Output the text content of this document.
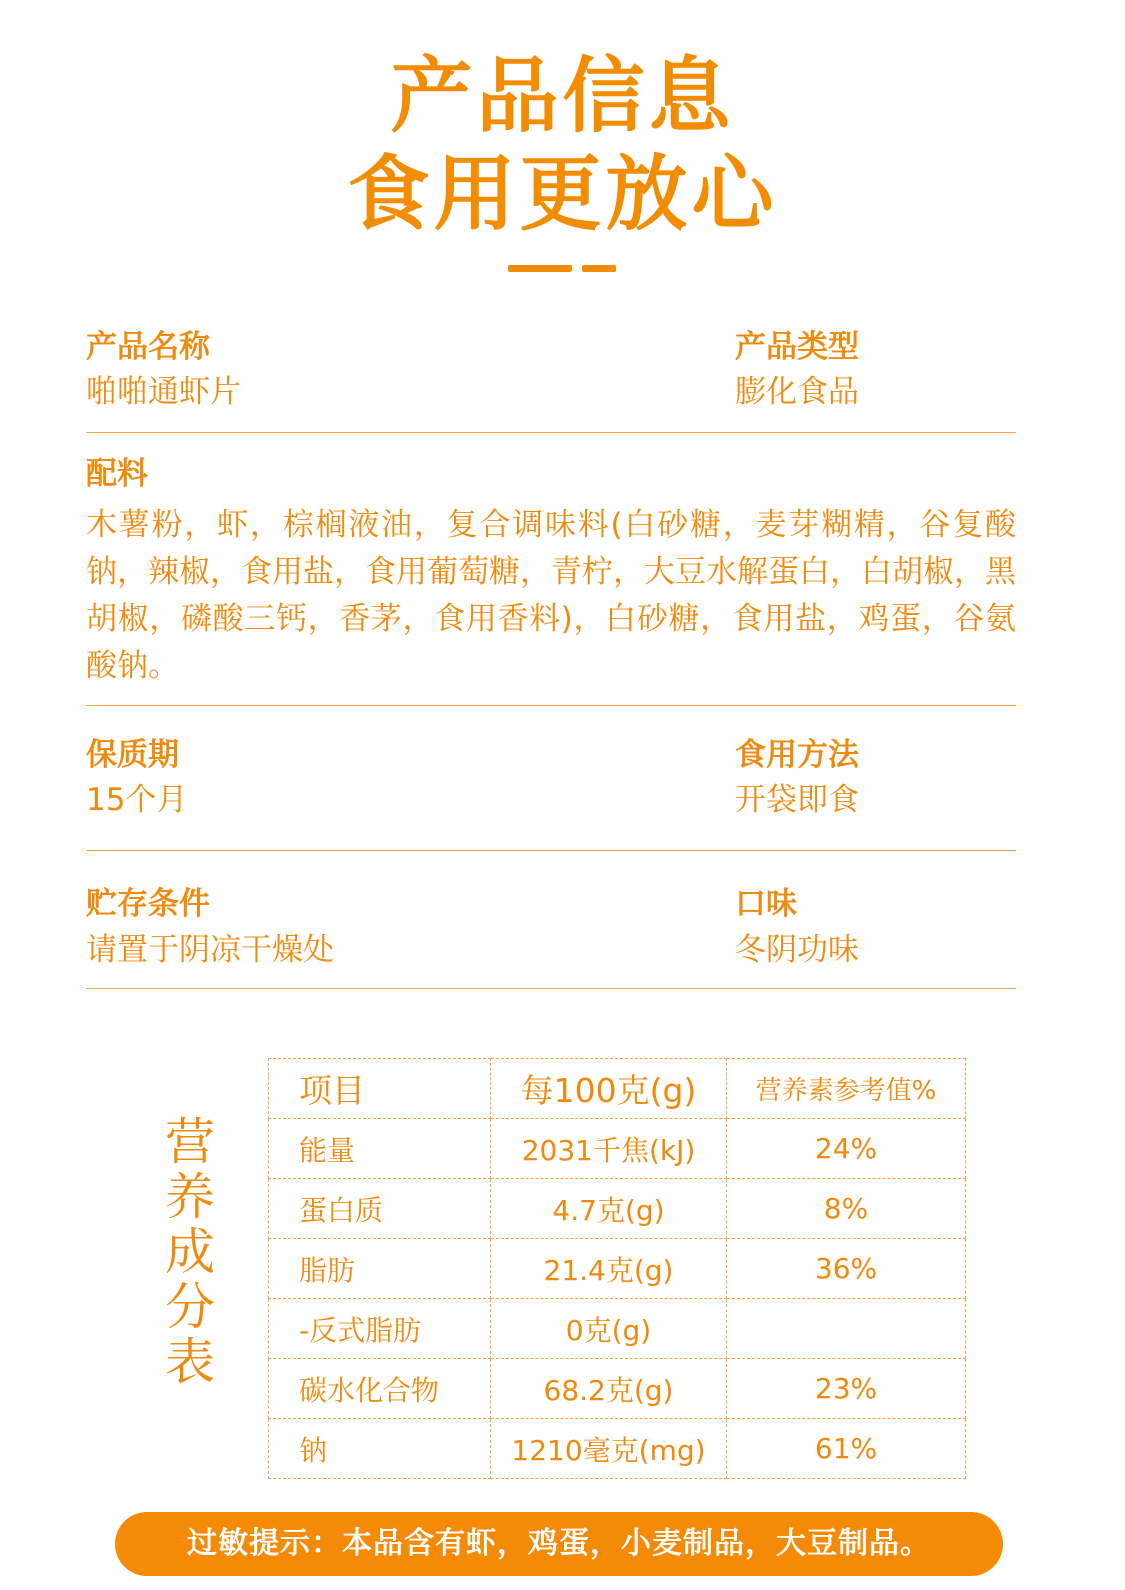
产品信息
食用更放心
产品名称
啪啪通虾片
产品类型
膨化食品
配料
木薯粉，虾，棕榈液油，复合调味料(白砂糖，麦芽糊精，谷复酸钠，辣椒，食用盐，食用葡萄糖，青柠，大豆水解蛋白，白胡椒，黑胡椒，磷酸三钙，香茅，食用香料)，白砂糖，食用盐，鸡蛋，谷氨酸钠。
保质期
15个月
食用方法
开袋即食
贮存条件
请置于阴凉干燥处
口味
冬阴功味
营养成分表
项目	每100克(g)	营养素参考值%
能量	2031千焦(kJ)	24%
蛋白质	4.7克(g)	8%
脂肪	21.4克(g)	36%
-反式脂肪	0克(g)	
碳水化合物	68.2克(g)	23%
钠	1210毫克(mg)	61%
过敏提示：本品含有虾，鸡蛋，小麦制品，大豆制品。
